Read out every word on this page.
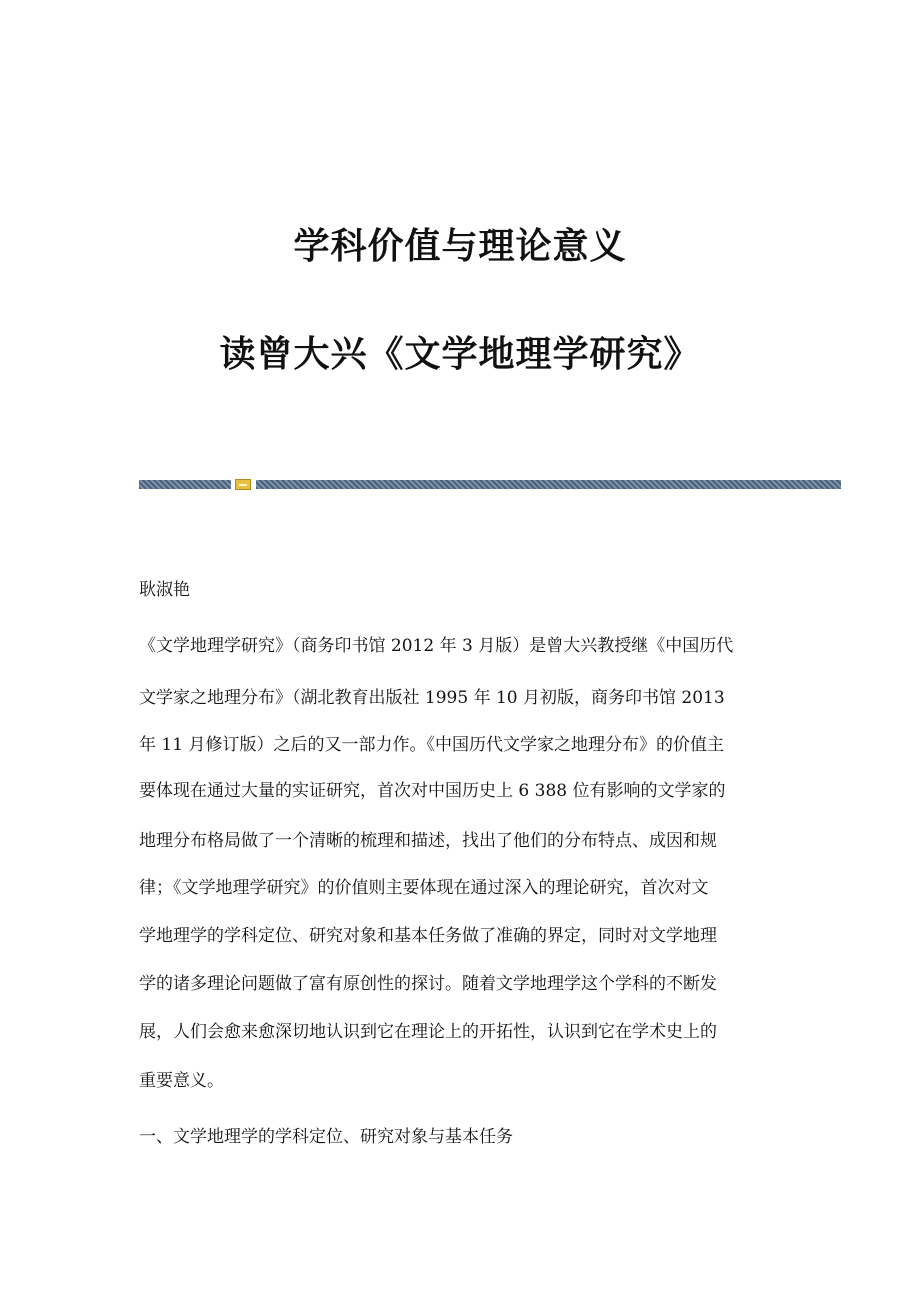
学科价值与理论意义
读曾大兴《文学地理学研究》
耿淑艳
《文学地理学研究》（商务印书馆 2012 年 3 月版）是曾大兴教授继《中国历代
文学家之地理分布》（湖北教育出版社 1995 年 10 月初版，商务印书馆 2013
年 11 月修订版）之后的又一部力作。《中国历代文学家之地理分布》的价值主
要体现在通过大量的实证研究，首次对中国历史上 6 388 位有影响的文学家的
地理分布格局做了一个清晰的梳理和描述，找出了他们的分布特点、成因和规
律；《文学地理学研究》的价值则主要体现在通过深入的理论研究，首次对文
学地理学的学科定位、研究对象和基本任务做了准确的界定，同时对文学地理
学的诸多理论问题做了富有原创性的探讨。随着文学地理学这个学科的不断发
展，人们会愈来愈深切地认识到它在理论上的开拓性，认识到它在学术史上的
重要意义。
一、文学地理学的学科定位、研究对象与基本任务
